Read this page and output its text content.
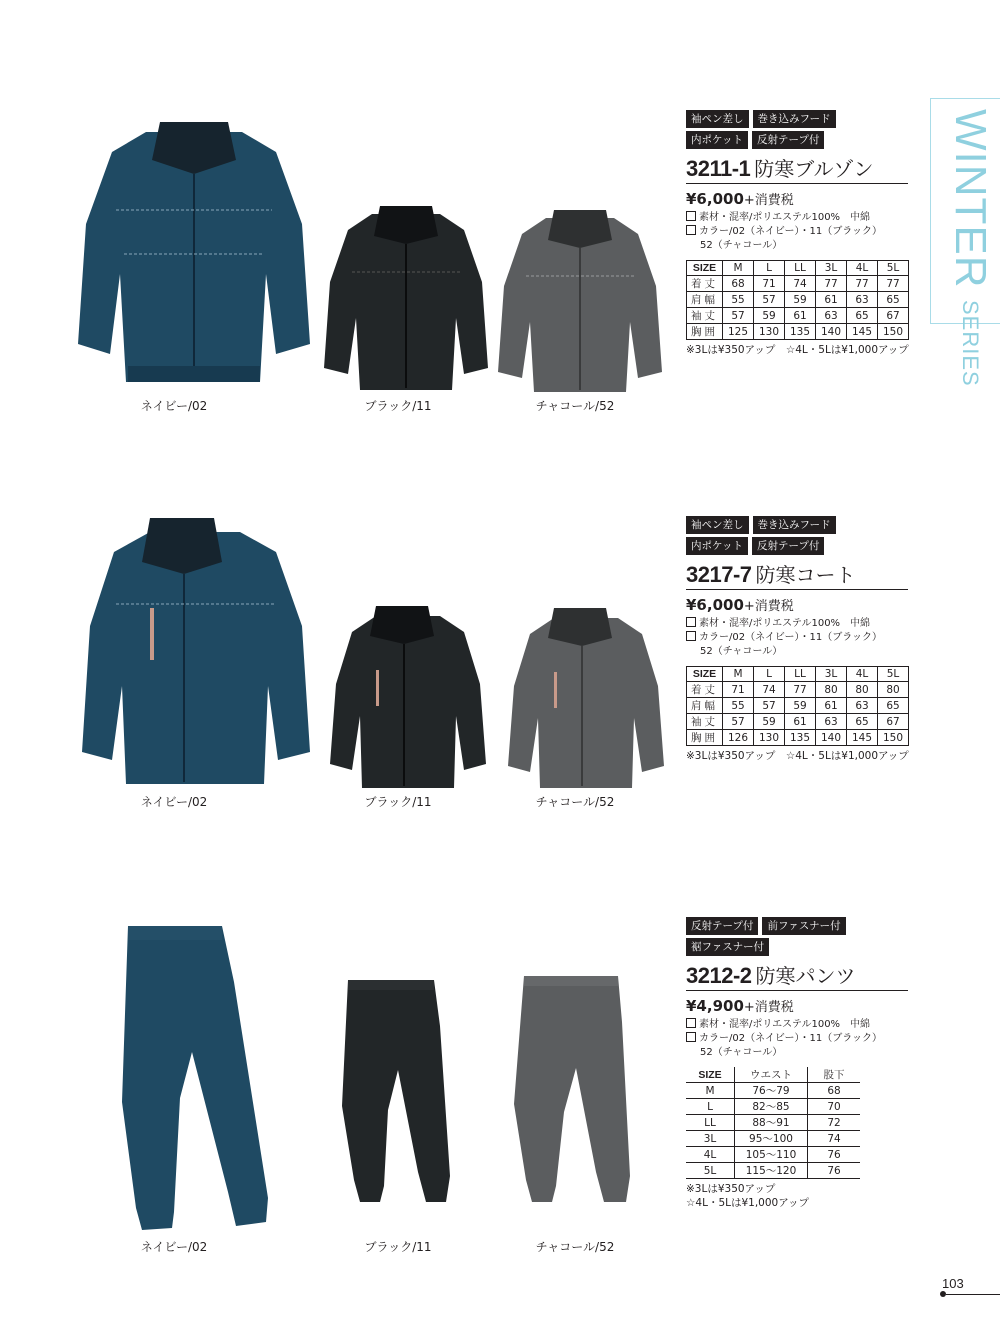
WINTER SERIES
ネイビー/02	ブラック/11	チャコール/52
袖ペン差し	巻き込みフード
内ポケット	反射テープ付
3211-1 防寒ブルゾン
¥6,000+消費税
素材・混率/ポリエステル100%　中綿
カラー/02（ネイビー）・11（ブラック）
52（チャコール）
SIZE	M	L	LL	3L	4L	5L
着丈	68	71	74	77	77	77
肩幅	55	57	59	61	63	65
袖丈	57	59	61	63	65	67
胸囲	125	130	135	140	145	150
※3Lは¥350アップ　☆4L・5Lは¥1,000アップ
ネイビー/02	ブラック/11	チャコール/52
袖ペン差し	巻き込みフード
内ポケット	反射テープ付
3217-7 防寒コート
¥6,000+消費税
素材・混率/ポリエステル100%　中綿
カラー/02（ネイビー）・11（ブラック）
52（チャコール）
SIZE	M	L	LL	3L	4L	5L
着丈	71	74	77	80	80	80
肩幅	55	57	59	61	63	65
袖丈	57	59	61	63	65	67
胸囲	126	130	135	140	145	150
※3Lは¥350アップ　☆4L・5Lは¥1,000アップ
ネイビー/02	ブラック/11	チャコール/52
反射テープ付	前ファスナー付
裾ファスナー付
3212-2 防寒パンツ
¥4,900+消費税
素材・混率/ポリエステル100%　中綿
カラー/02（ネイビー）・11（ブラック）
52（チャコール）
SIZE	ウエスト	股下
M	76〜79	68
L	82〜85	70
LL	88〜91	72
3L	95〜100	74
4L	105〜110	76
5L	115〜120	76
※3Lは¥350アップ
☆4L・5Lは¥1,000アップ
103
